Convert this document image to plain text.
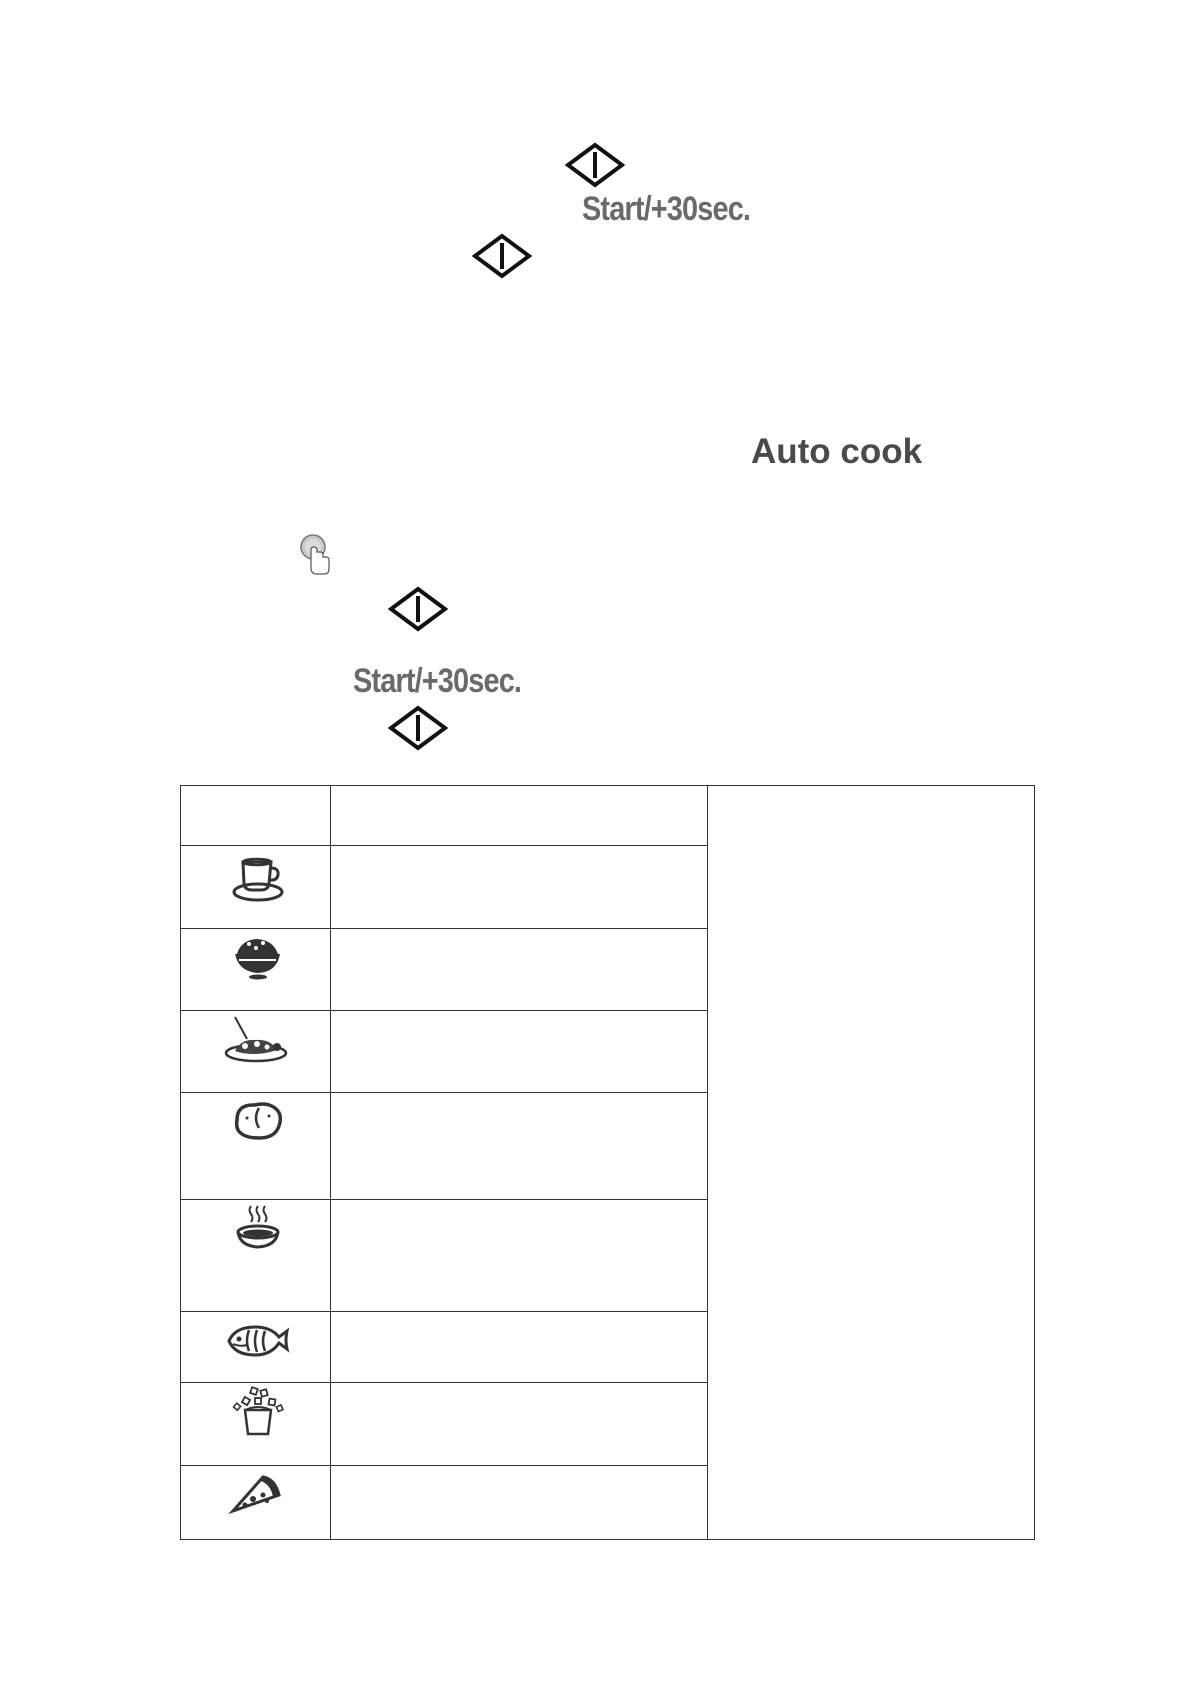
Start/+30sec.
Auto cook
Start/+30sec.
